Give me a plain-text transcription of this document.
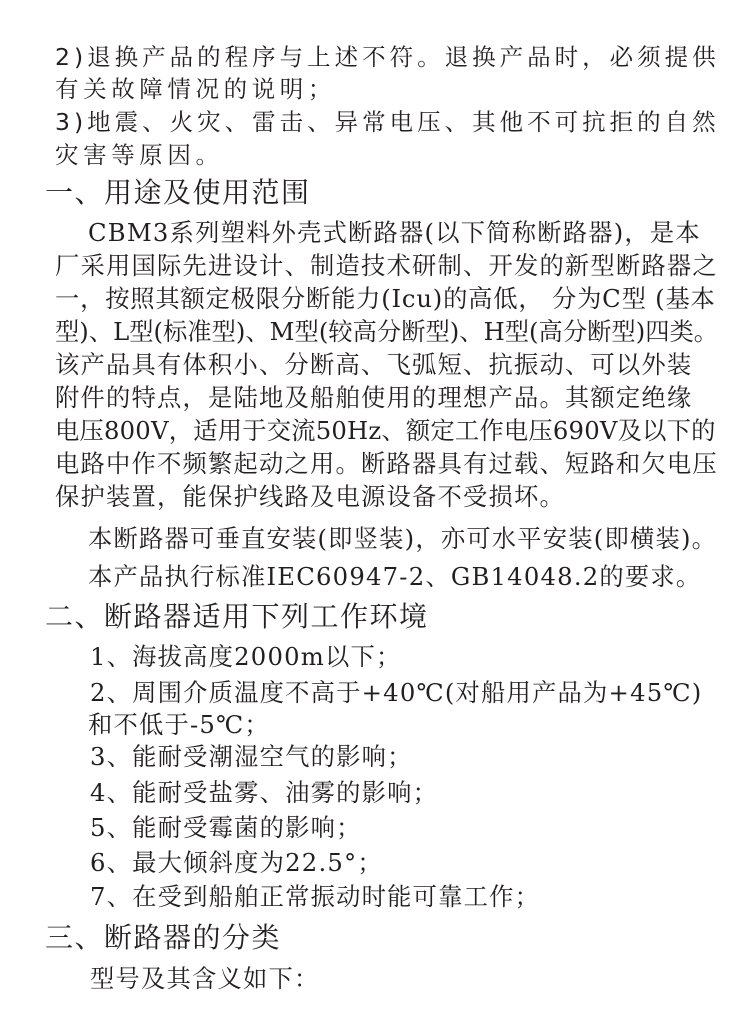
2)退换产品的程序与上述不符。退换产品时，必须提供
有关故障情况的说明；
3)地震、火灾、雷击、异常电压、其他不可抗拒的自然
灾害等原因。
一、用途及使用范围
CBM3系列塑料外壳式断路器(以下简称断路器)，是本
厂采用国际先进设计、制造技术研制、开发的新型断路器之
一，按照其额定极限分断能力(Icu)的高低， 分为C型 (基本
型)、L型(标准型)、M型(较高分断型)、H型(高分断型)四类。
该产品具有体积小、分断高、飞弧短、抗振动、可以外装
附件的特点，是陆地及船舶使用的理想产品。其额定绝缘
电压800V，适用于交流50Hz、额定工作电压690V及以下的
电路中作不频繁起动之用。断路器具有过载、短路和欠电压
保护装置，能保护线路及电源设备不受损坏。
本断路器可垂直安装(即竖装)，亦可水平安装(即横装)。
本产品执行标准IEC60947-2、GB14048.2的要求。
二、断路器适用下列工作环境
1、海拔高度2000m以下；
2、周围介质温度不高于+40℃(对船用产品为+45℃)
和不低于-5℃；
3、能耐受潮湿空气的影响；
4、能耐受盐雾、油雾的影响；
5、能耐受霉菌的影响；
6、最大倾斜度为22.5°；
7、在受到船舶正常振动时能可靠工作；
三、断路器的分类
型号及其含义如下：
